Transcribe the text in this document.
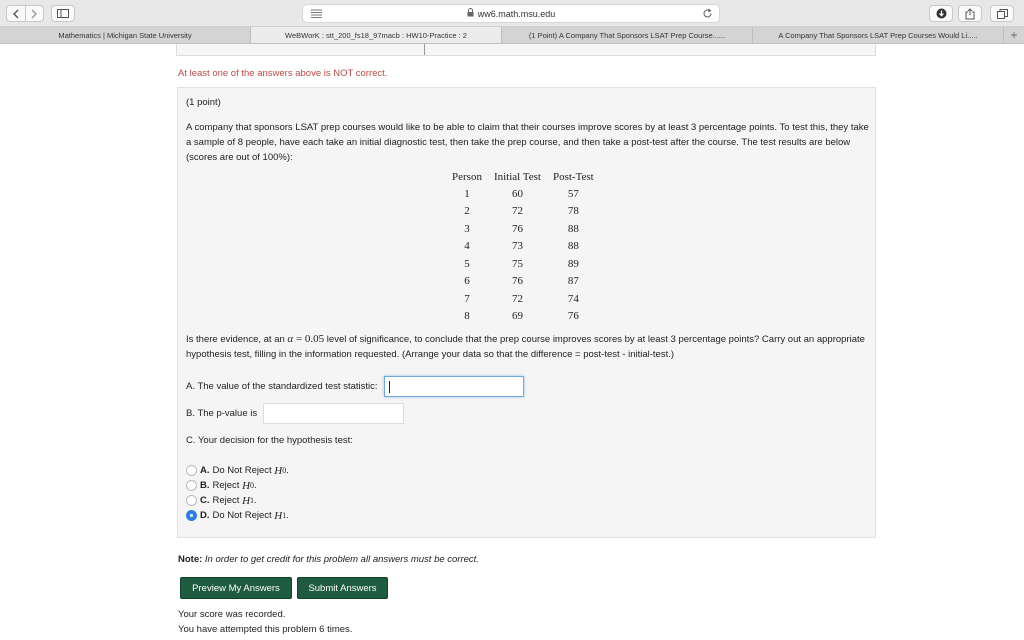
ww6.math.msu.edu
Mathematics | Michigan State University	WeBWorK : stt_200_fs18_97macb : HW10-Practice : 2	(1 Point) A Company That Sponsors LSAT Prep Course......	A Company That Sponsors LSAT Prep Courses Would Li.....	+
At least one of the answers above is NOT correct.
(1 point)
A company that sponsors LSAT prep courses would like to be able to claim that their courses improve scores by at least 3 percentage points. To test this, they take a sample of 8 people, have each take an initial diagnostic test, then take the prep course, and then take a post-test after the course. The test results are below (scores are out of 100%):
Person	Initial Test	Post-Test
1	60	57
2	72	78
3	76	88
4	73	88
5	75	89
6	76	87
7	72	74
8	69	76
Is there evidence, at an α = 0.05 level of significance, to conclude that the prep course improves scores by at least 3 percentage points? Carry out an appropriate hypothesis test, filling in the information requested. (Arrange your data so that the difference = post-test - initial-test.)
A. The value of the standardized test statistic:
B. The p-value is
C. Your decision for the hypothesis test:
A. Do Not Reject
H 0 .
B. Reject
H 0 .
C. Reject
H 1 .
D. Do Not Reject
H 1 .
Note: In order to get credit for this problem all answers must be correct.
Preview My Answers	Submit Answers
Your score was recorded.
You have attempted this problem 6 times.
